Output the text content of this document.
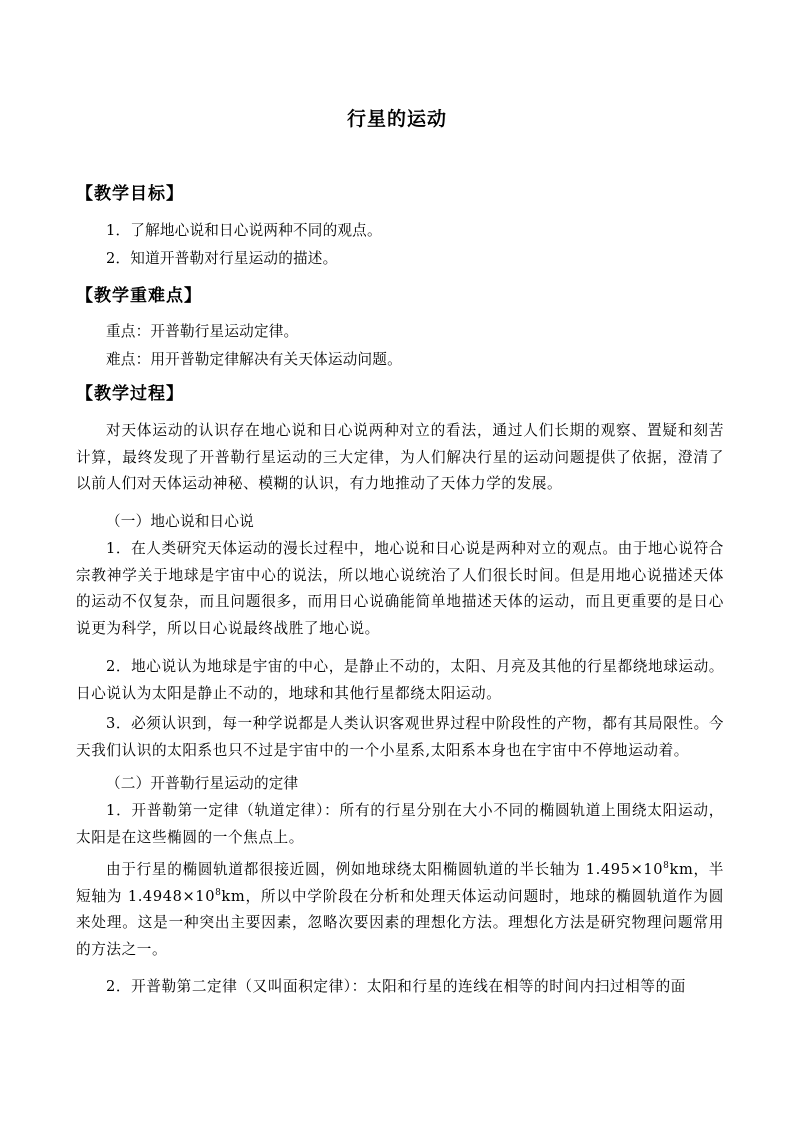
行星的运动
【教学目标】
1．了解地心说和日心说两种不同的观点。
2．知道开普勒对行星运动的描述。
【教学重难点】
重点：开普勒行星运动定律。
难点：用开普勒定律解决有关天体运动问题。
【教学过程】
对天体运动的认识存在地心说和日心说两种对立的看法，通过人们长期的观察、置疑和刻苦计算，最终发现了开普勒行星运动的三大定律，为人们解决行星的运动问题提供了依据，澄清了以前人们对天体运动神秘、模糊的认识，有力地推动了天体力学的发展。
（一）地心说和日心说
1．在人类研究天体运动的漫长过程中，地心说和日心说是两种对立的观点。由于地心说符合宗教神学关于地球是宇宙中心的说法，所以地心说统治了人们很长时间。但是用地心说描述天体的运动不仅复杂，而且问题很多，而用日心说确能简单地描述天体的运动，而且更重要的是日心说更为科学，所以日心说最终战胜了地心说。
2．地心说认为地球是宇宙的中心，是静止不动的，太阳、月亮及其他的行星都绕地球运动。日心说认为太阳是静止不动的，地球和其他行星都绕太阳运动。
3．必须认识到，每一种学说都是人类认识客观世界过程中阶段性的产物，都有其局限性。今天我们认识的太阳系也只不过是宇宙中的一个小星系,太阳系本身也在宇宙中不停地运动着。
（二）开普勒行星运动的定律
1．开普勒第一定律（轨道定律）：所有的行星分别在大小不同的椭圆轨道上围绕太阳运动，太阳是在这些椭圆的一个焦点上。
由于行星的椭圆轨道都很接近圆，例如地球绕太阳椭圆轨道的半长轴为 $1.495\times 10^8km$，半短轴为 $1.4948\times 10^8km$，所以中学阶段在分析和处理天体运动问题时，地球的椭圆轨道作为圆来处理。这是一种突出主要因素，忽略次要因素的理想化方法。理想化方法是研究物理问题常用的方法之一。
2．开普勒第二定律（又叫面积定律）：太阳和行星的连线在相等的时间内扫过相等的面
